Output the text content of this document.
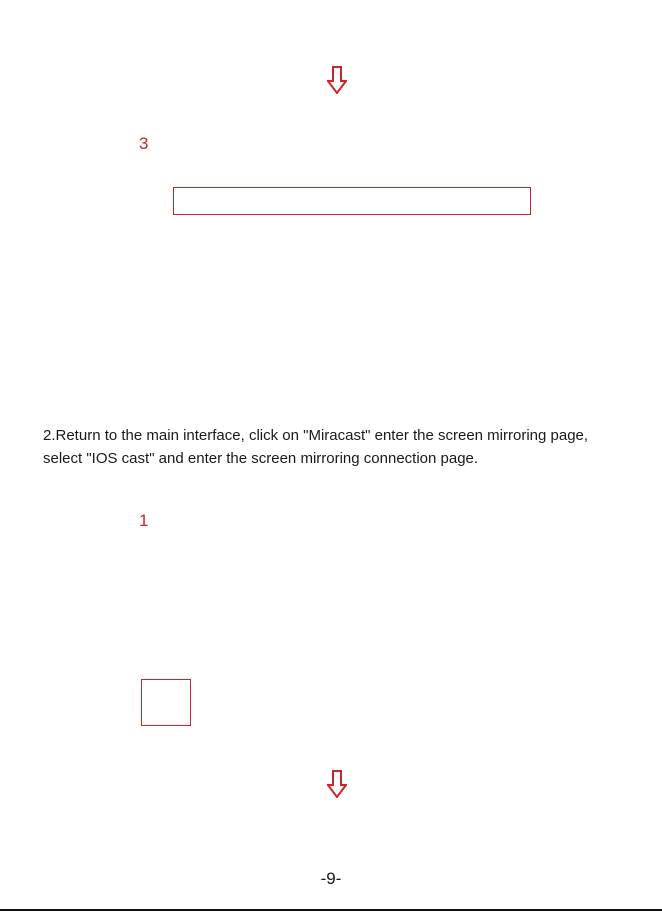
3

2.Return to the main interface, click on "Miracast" enter the screen mirroring page,

select "IOS cast" and enter the screen mirroring connection page.

1
-9-
